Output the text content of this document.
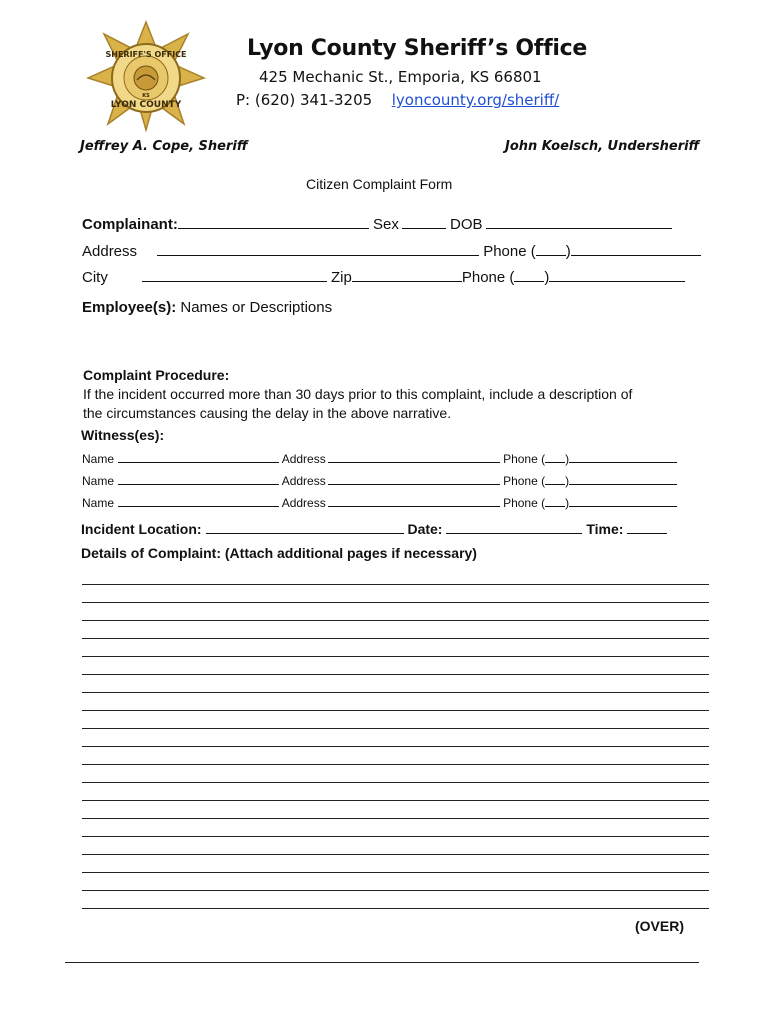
SHERIFF'S OFFICE
LYON COUNTY
KS
Lyon County Sheriff’s Office
425 Mechanic St., Emporia, KS 66801
P: (620) 341-3205 lyoncounty.org/sheriff/
Jeffrey A. Cope, Sheriff	John Koelsch, Undersheriff
Citizen Complaint Form
Complainant:	Sex	DOB
Address	Phone ( )
City	Zip	Phone ( )
Employee(s): Names or Descriptions
Complaint Procedure:
If the incident occurred more than 30 days prior to this complaint, include a description of
the circumstances causing the delay in the above narrative.
Witness(es):
Name	Address	Phone ( )
Name	Address	Phone ( )
Name	Address	Phone ( )
Incident Location:	Date:	Time:
Details of Complaint: (Attach additional pages if necessary)
(OVER)
